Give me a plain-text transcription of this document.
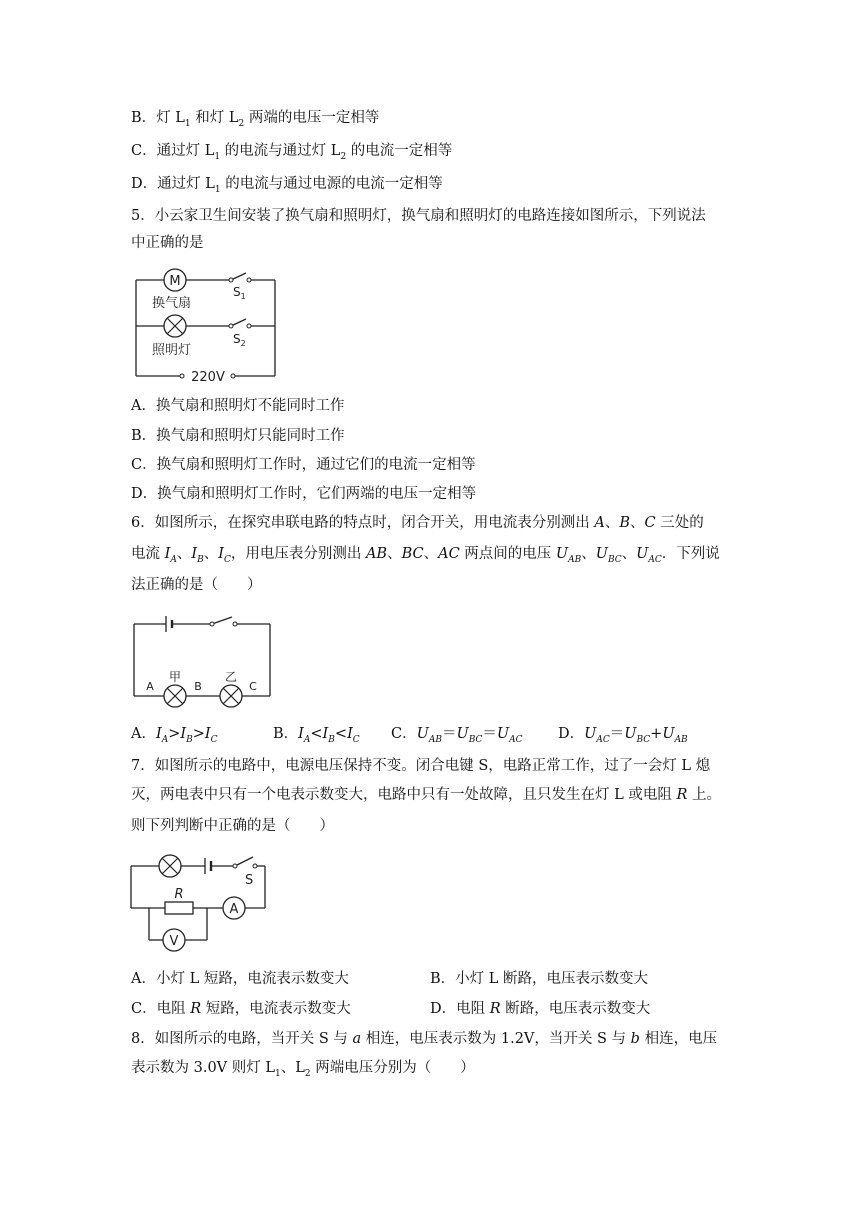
B．灯 $L_1$ 和灯 $L_2$ 两端的电压一定相等
C．通过灯 $L_1$ 的电流与通过灯 $L_2$ 的电流一定相等
D．通过灯 $L_1$ 的电流与通过电源的电流一定相等
5．小云家卫生间安装了换气扇和照明灯，换气扇和照明灯的电路连接如图所示，下列说法
中正确的是
M
$S_1$
换气扇
$S_2$
照明灯
220V
A．换气扇和照明灯不能同时工作
B．换气扇和照明灯只能同时工作
C．换气扇和照明灯工作时，通过它们的电流一定相等
D．换气扇和照明灯工作时，它们两端的电压一定相等
6．如图所示，在探究串联电路的特点时，闭合开关，用电流表分别测出 A、B、C 三处的
电流 $I_A$、$I_B$、$I_C$，用电压表分别测出 AB、BC、AC 两点间的电压 $U_{AB}$、$U_{BC}$、$U_{AC}$．下列说
法正确的是（　　）
甲	乙
A	B	C
A．$I_A>I_B>I_C$	B．$I_A<I_B<I_C$ C．$U_{AB}=U_{BC}=U_{AC}$ D．$U_{AC}=U_{BC}+U_{AB}$
7．如图所示的电路中，电源电压保持不变。闭合电键 S，电路正常工作，过了一会灯 L 熄
灭，两电表中只有一个电表示数变大，电路中只有一处故障，且只发生在灯 L 或电阻 R 上。
则下列判断中正确的是（　　）
S
R
A
V
A．小灯 L 短路，电流表示数变大	B．小灯 L 断路，电压表示数变大
C．电阻 R 短路，电流表示数变大	D．电阻 R 断路，电压表示数变大
8．如图所示的电路，当开关 S 与 a 相连，电压表示数为 1.2V，当开关 S 与 b 相连，电压
表示数为 3.0V 则灯 $L_1$、$L_2$ 两端电压分别为（　　）
